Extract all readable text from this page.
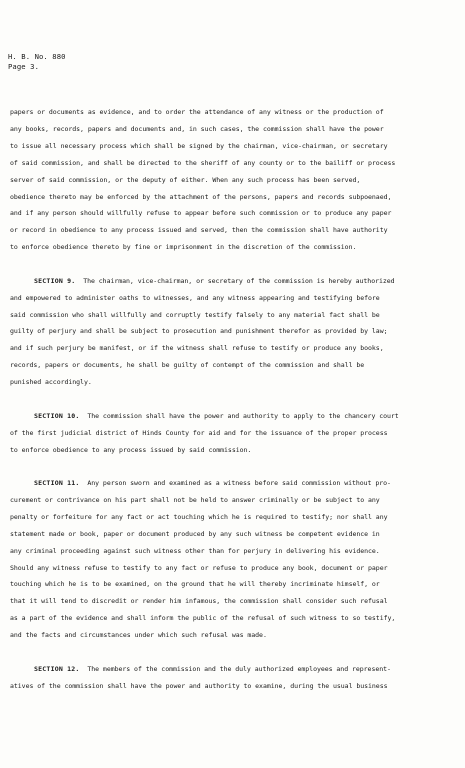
H. B. No. 880
Page 3.
papers or documents as evidence, and to order the attendance of any witness or the production of
any books, records, papers and documents and, in such cases, the commission shall have the power
to issue all necessary process which shall be signed by the chairman, vice-chairman, or secretary
of said commission, and shall be directed to the sheriff of any county or to the bailiff or process
server of said commission, or the deputy of either. When any such process has been served,
obedience thereto may be enforced by the attachment of the persons, papers and records subpoenaed,
and if any person should willfully refuse to appear before such commission or to produce any paper
or record in obedience to any process issued and served, then the commission shall have authority
to enforce obedience thereto by fine or imprisonment in the discretion of the commission.
SECTION 9. The chairman, vice-chairman, or secretary of the commission is hereby authorized
and empowered to administer oaths to witnesses, and any witness appearing and testifying before
said commission who shall willfully and corruptly testify falsely to any material fact shall be
guilty of perjury and shall be subject to prosecution and punishment therefor as provided by law;
and if such perjury be manifest, or if the witness shall refuse to testify or produce any books,
records, papers or documents, he shall be guilty of contempt of the commission and shall be
punished accordingly.
SECTION 10. The commission shall have the power and authority to apply to the chancery court
of the first judicial district of Hinds County for aid and for the issuance of the proper process
to enforce obedience to any process issued by said commission.
SECTION 11. Any person sworn and examined as a witness before said commission without pro-
curement or contrivance on his part shall not be held to answer criminally or be subject to any
penalty or forfeiture for any fact or act touching which he is required to testify; nor shall any
statement made or book, paper or document produced by any such witness be competent evidence in
any criminal proceeding against such witness other than for perjury in delivering his evidence.
Should any witness refuse to testify to any fact or refuse to produce any book, document or paper
touching which he is to be examined, on the ground that he will thereby incriminate himself, or
that it will tend to discredit or render him infamous, the commission shall consider such refusal
as a part of the evidence and shall inform the public of the refusal of such witness to so testify,
and the facts and circumstances under which such refusal was made.
SECTION 12. The members of the commission and the duly authorized employees and represent-
atives of the commission shall have the power and authority to examine, during the usual business
